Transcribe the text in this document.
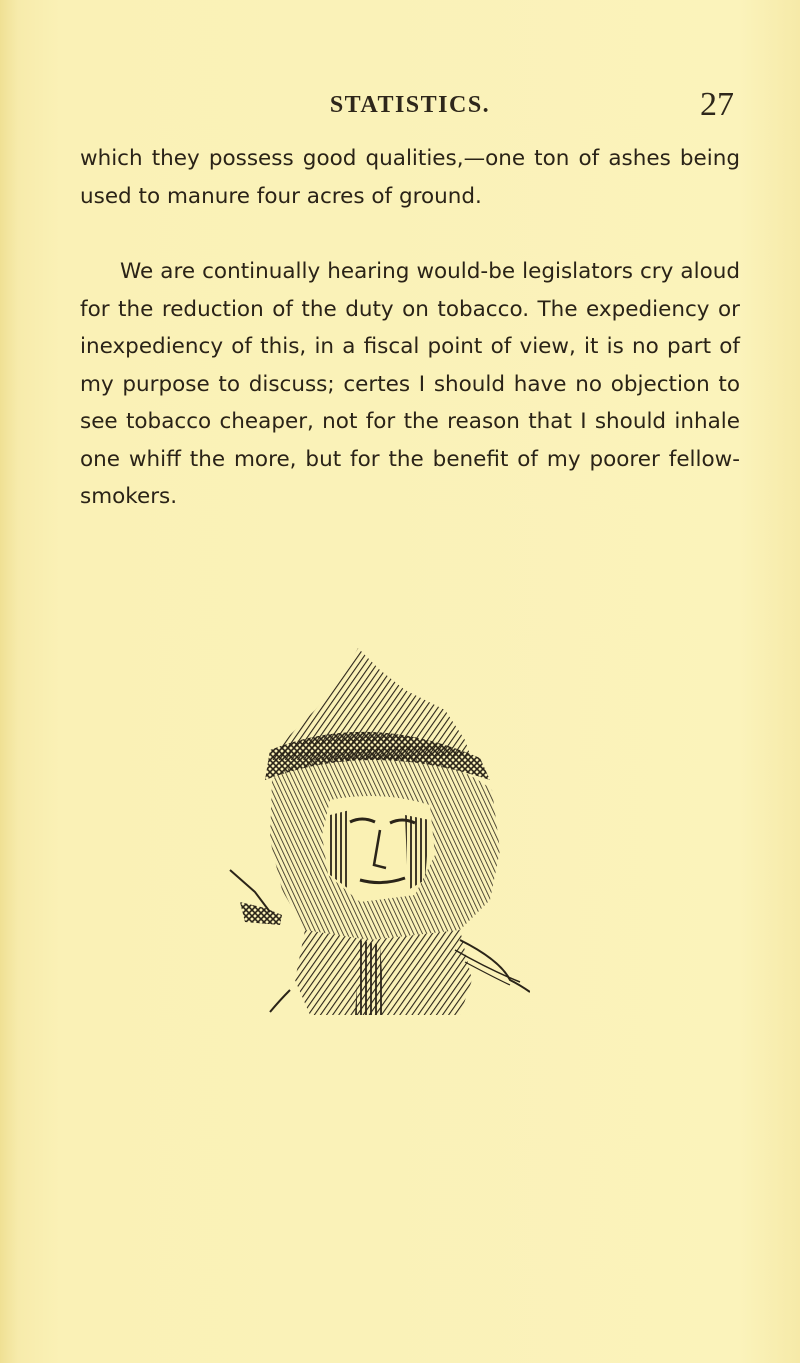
STATISTICS.	27

which they possess good qualities,—one ton of ashes being used to manure four acres of ground.

We are continually hearing would-be legislators cry aloud for the reduction of the duty on tobacco. The expediency or inexpediency of this, in a fiscal point of view, it is no part of my purpose to discuss; certes I should have no objection to see tobacco cheaper, not for the reason that I should inhale one whiff the more, but for the benefit of my poorer fellow-smokers.
